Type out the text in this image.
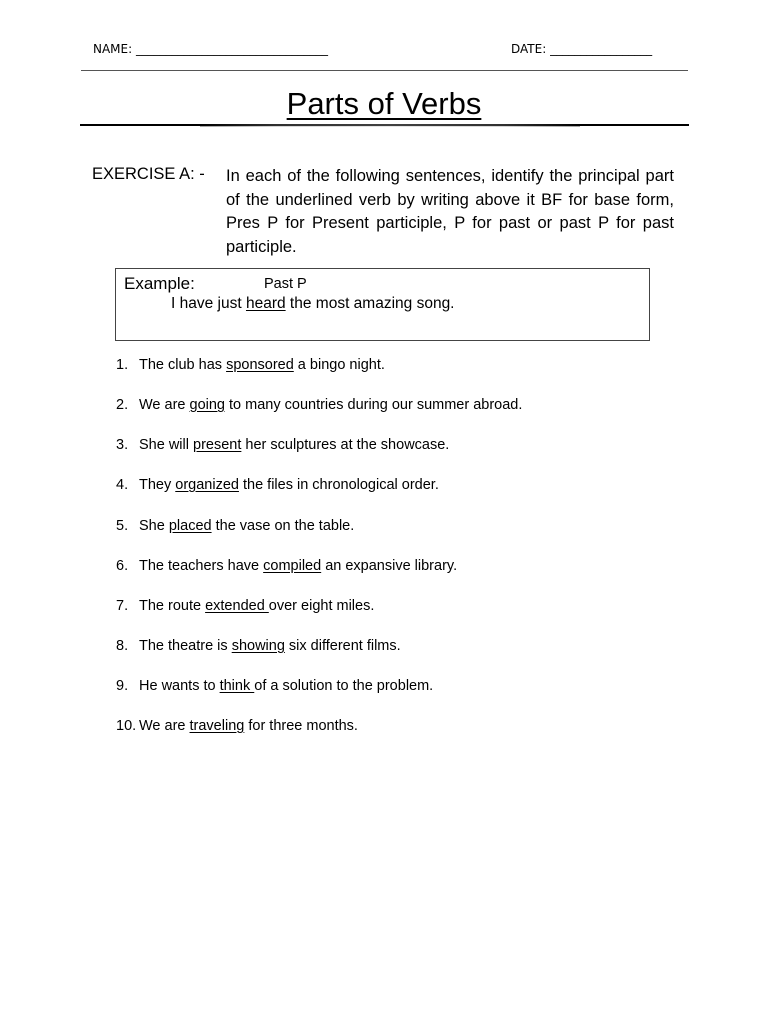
NAME: ________________________________	DATE: _________________
Parts of Verbs
EXERCISE A: - In each of the following sentences, identify the principal part of the underlined verb by writing above it BF for base form, Pres P for Present participle, P for past or past P for past participle.
Example:	Past P
I have just heard the most amazing song.
1. The club has sponsored a bingo night.
2. We are going to many countries during our summer abroad.
3. She will present her sculptures at the showcase.
4. They organized the files in chronological order.
5. She placed the vase on the table.
6. The teachers have compiled an expansive library.
7. The route extended over eight miles.
8. The theatre is showing six different films.
9. He wants to think of a solution to the problem.
10. We are traveling for three months.
